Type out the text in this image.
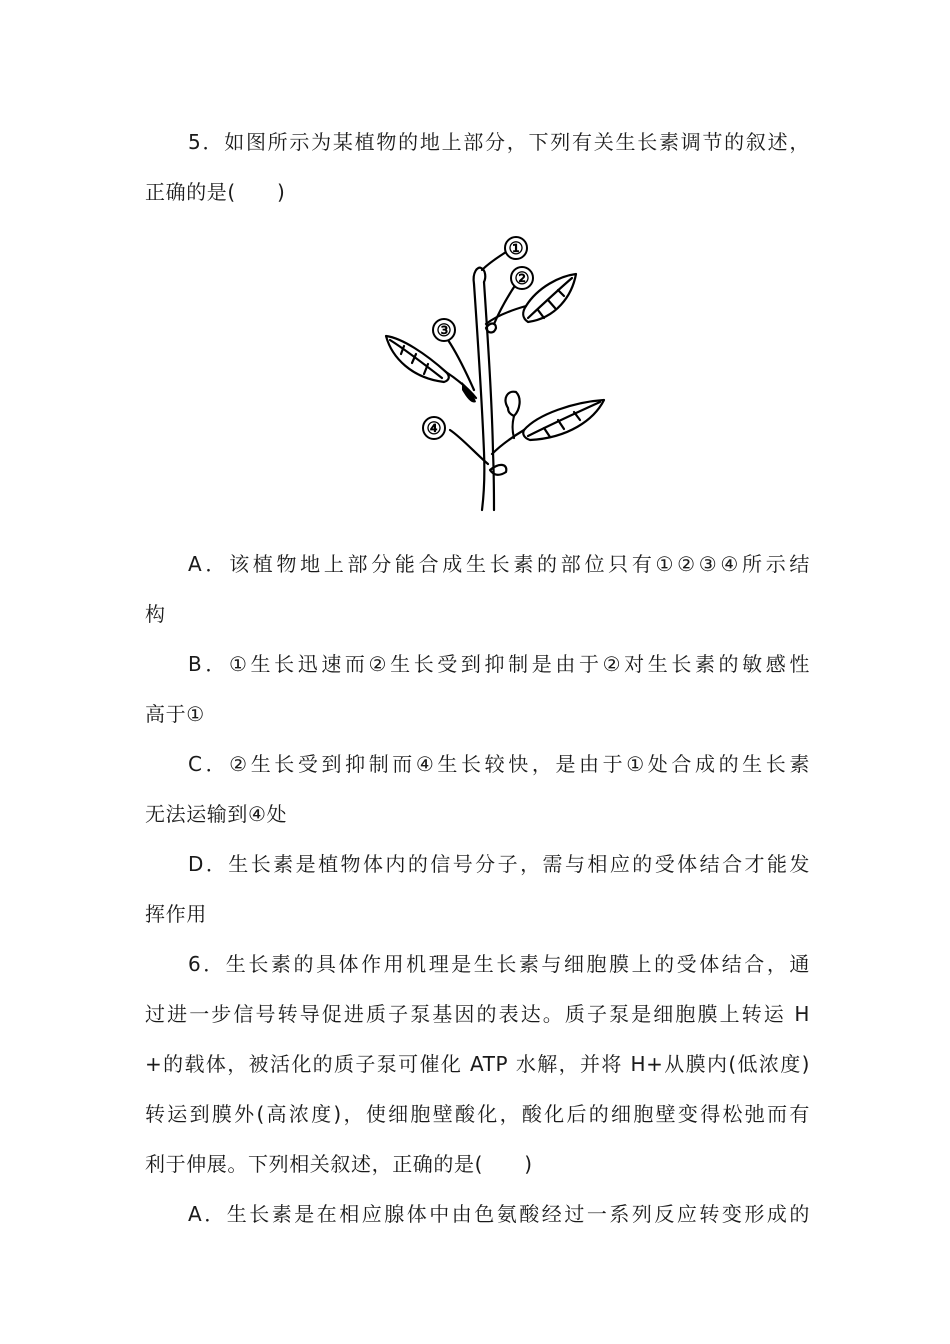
5．如图所示为某植物的地上部分，下列有关生长素调节的叙述，
正确的是(　　)
①
②
③
④
A．该植物地上部分能合成生长素的部位只有①②③④所示结
构
B．①生长迅速而②生长受到抑制是由于②对生长素的敏感性
高于①
C．②生长受到抑制而④生长较快，是由于①处合成的生长素
无法运输到④处
D．生长素是植物体内的信号分子，需与相应的受体结合才能发
挥作用
6．生长素的具体作用机理是生长素与细胞膜上的受体结合，通
过进一步信号转导促进质子泵基因的表达。质子泵是细胞膜上转运 H
+的载体，被活化的质子泵可催化 ATP 水解，并将 H+从膜内(低浓度)
转运到膜外(高浓度)，使细胞壁酸化，酸化后的细胞壁变得松弛而有
利于伸展。下列相关叙述，正确的是(　　)
A．生长素是在相应腺体中由色氨酸经过一系列反应转变形成的
